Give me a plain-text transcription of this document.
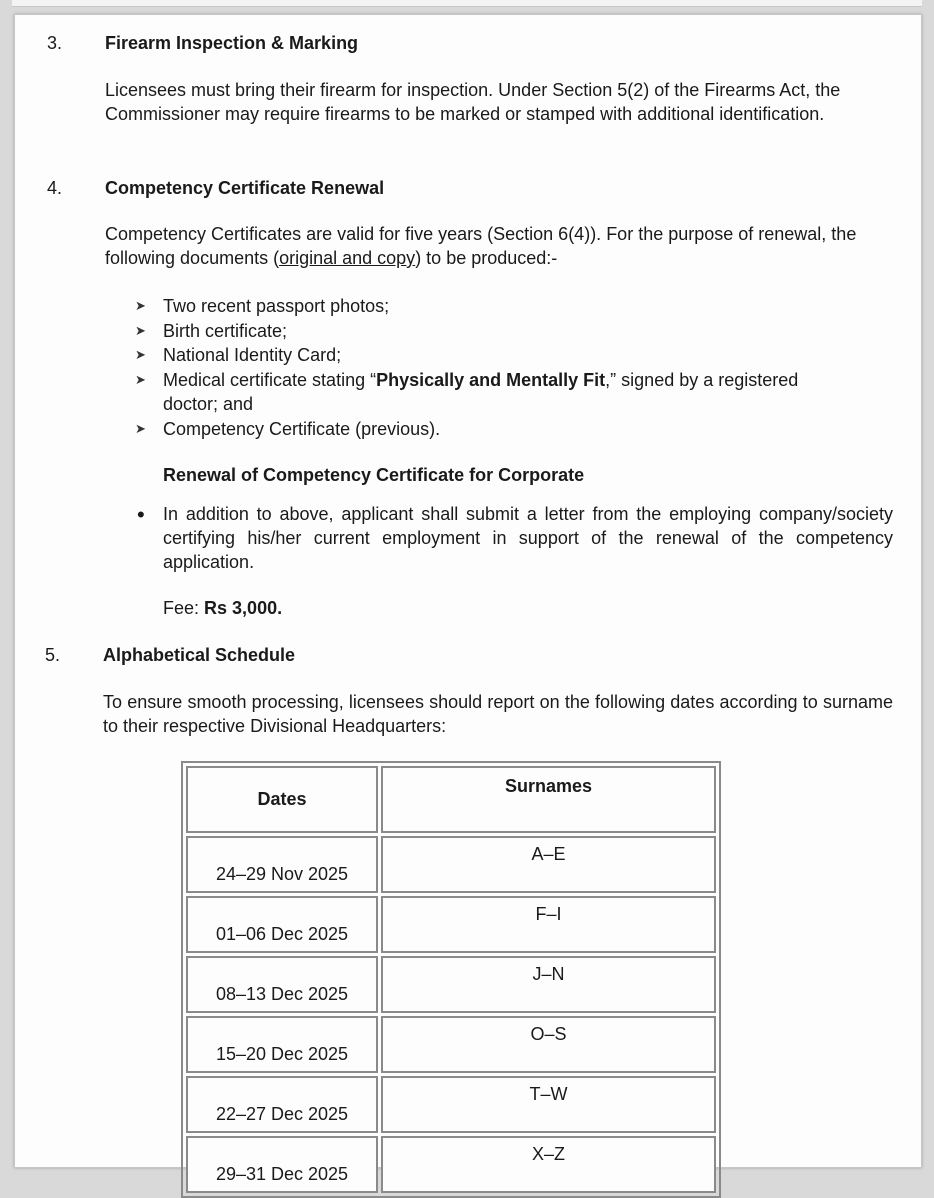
3. Firearm Inspection & Marking
Licensees must bring their firearm for inspection. Under Section 5(2) of the Firearms Act, the Commissioner may require firearms to be marked or stamped with additional identification.
4. Competency Certificate Renewal
Competency Certificates are valid for five years (Section 6(4)). For the purpose of renewal, the following documents (original and copy) to be produced:-
➤ Two recent passport photos;
➤ Birth certificate;
➤ National Identity Card;
➤ Medical certificate stating “Physically and Mentally Fit,” signed by a registered doctor; and
➤ Competency Certificate (previous).
Renewal of Competency Certificate for Corporate
• In addition to above, applicant shall submit a letter from the employing company/society certifying his/her current employment in support of the renewal of the competency application.
Fee: Rs 3,000.
5. Alphabetical Schedule
To ensure smooth processing, licensees should report on the following dates according to surname to their respective Divisional Headquarters:
Dates	Surnames
24–29 Nov 2025	A–E
01–06 Dec 2025	F–I
08–13 Dec 2025	J–N
15–20 Dec 2025	O–S
22–27 Dec 2025	T–W
29–31 Dec 2025	X–Z
